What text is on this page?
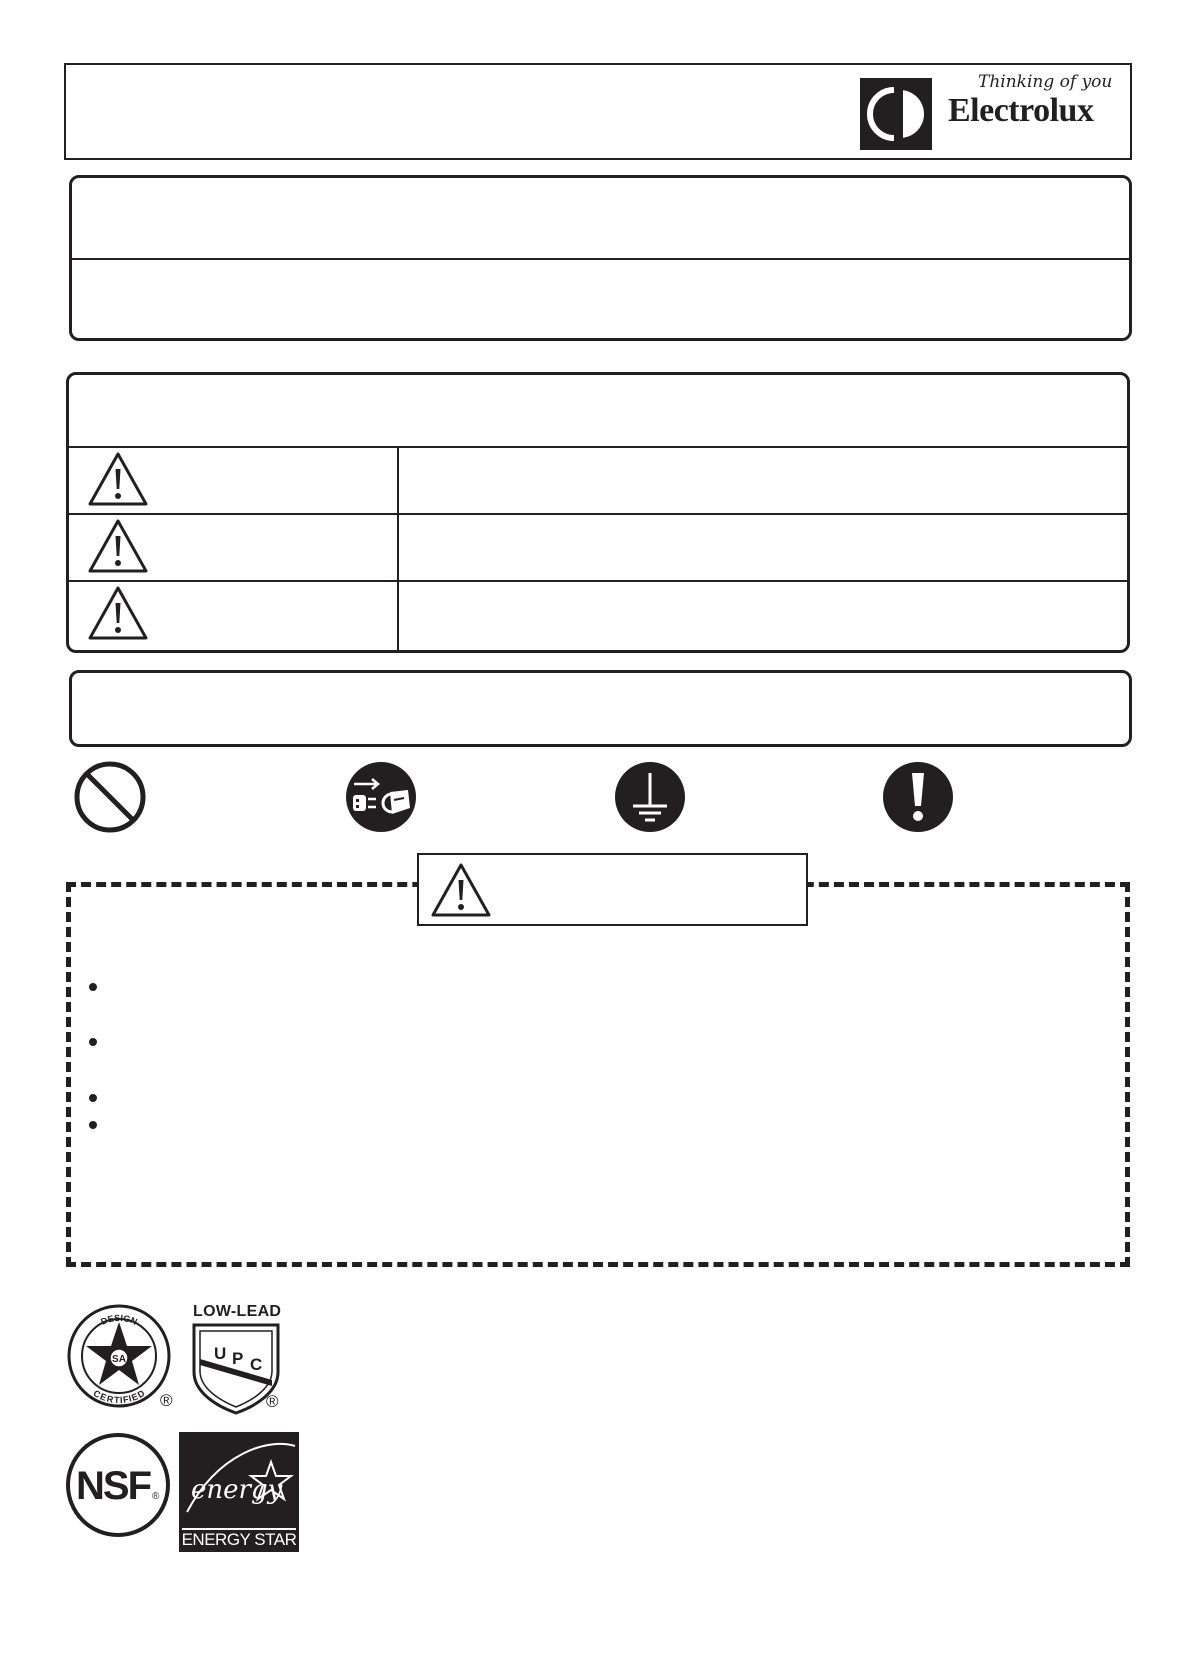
Thinking of you
Electrolux
DESIGN
CERTIFIED
SA
®
LOW-LEAD
U P C
®
NSF ® energy
ENERGY STAR
